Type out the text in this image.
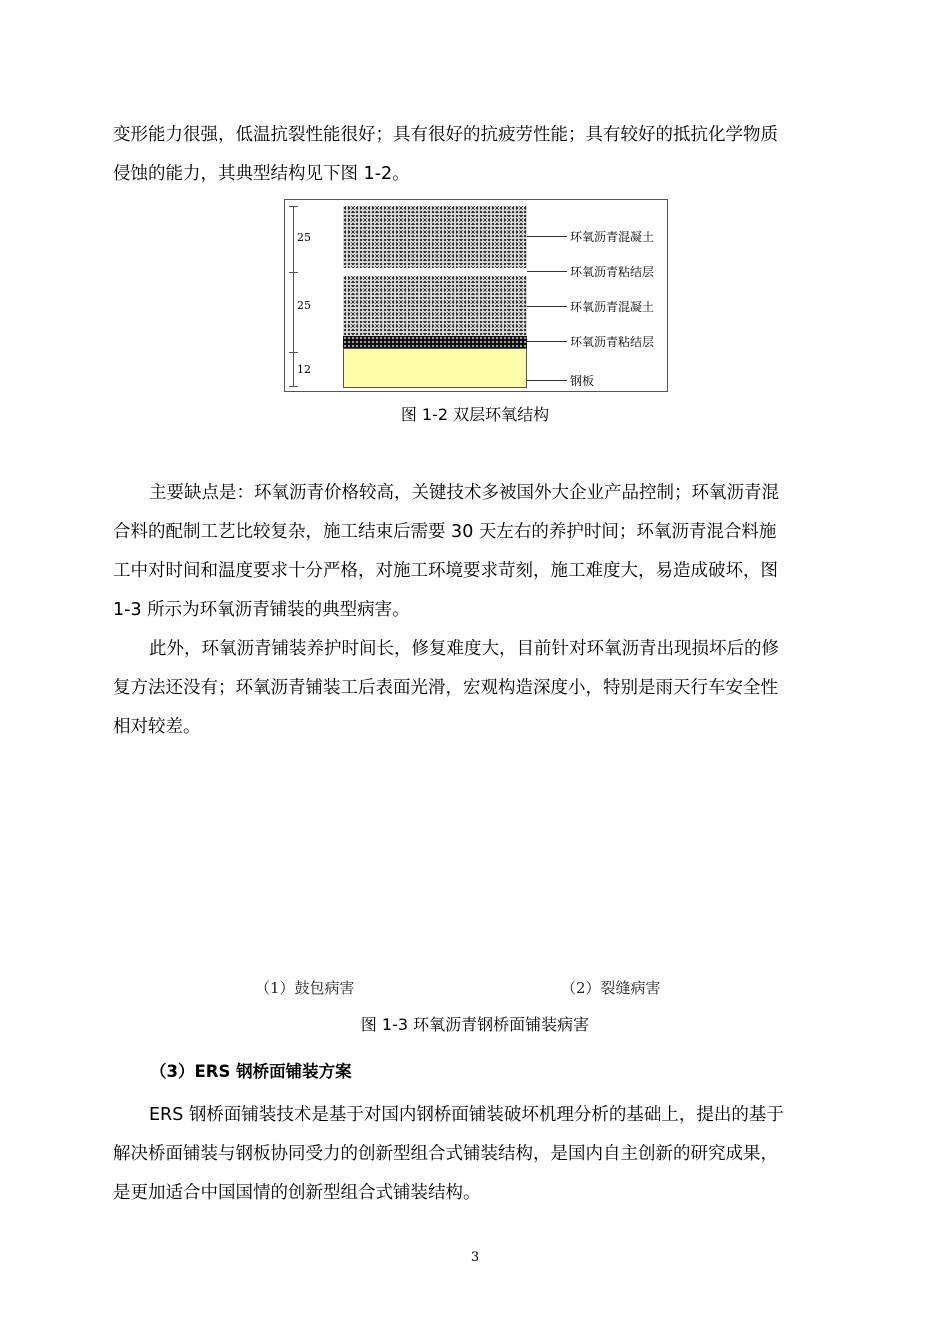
变形能力很强，低温抗裂性能很好；具有很好的抗疲劳性能；具有较好的抵抗化学物质
侵蚀的能力，其典型结构见下图 1-2。
25
25
12
环氧沥青混凝土
环氧沥青粘结层
环氧沥青混凝土
环氧沥青粘结层
钢板
图 1-2 双层环氧结构
主要缺点是：环氧沥青价格较高，关键技术多被国外大企业产品控制；环氧沥青混
合料的配制工艺比较复杂，施工结束后需要 30 天左右的养护时间；环氧沥青混合料施
工中对时间和温度要求十分严格，对施工环境要求苛刻，施工难度大，易造成破坏，图
1-3 所示为环氧沥青铺装的典型病害。
此外，环氧沥青铺装养护时间长，修复难度大，目前针对环氧沥青出现损坏后的修
复方法还没有；环氧沥青铺装工后表面光滑，宏观构造深度小，特别是雨天行车安全性
相对较差。
（1）鼓包病害	（2）裂缝病害
图 1-3 环氧沥青钢桥面铺装病害
（3）ERS 钢桥面铺装方案
ERS 钢桥面铺装技术是基于对国内钢桥面铺装破坏机理分析的基础上，提出的基于
解决桥面铺装与钢板协同受力的创新型组合式铺装结构，是国内自主创新的研究成果，
是更加适合中国国情的创新型组合式铺装结构。
3
